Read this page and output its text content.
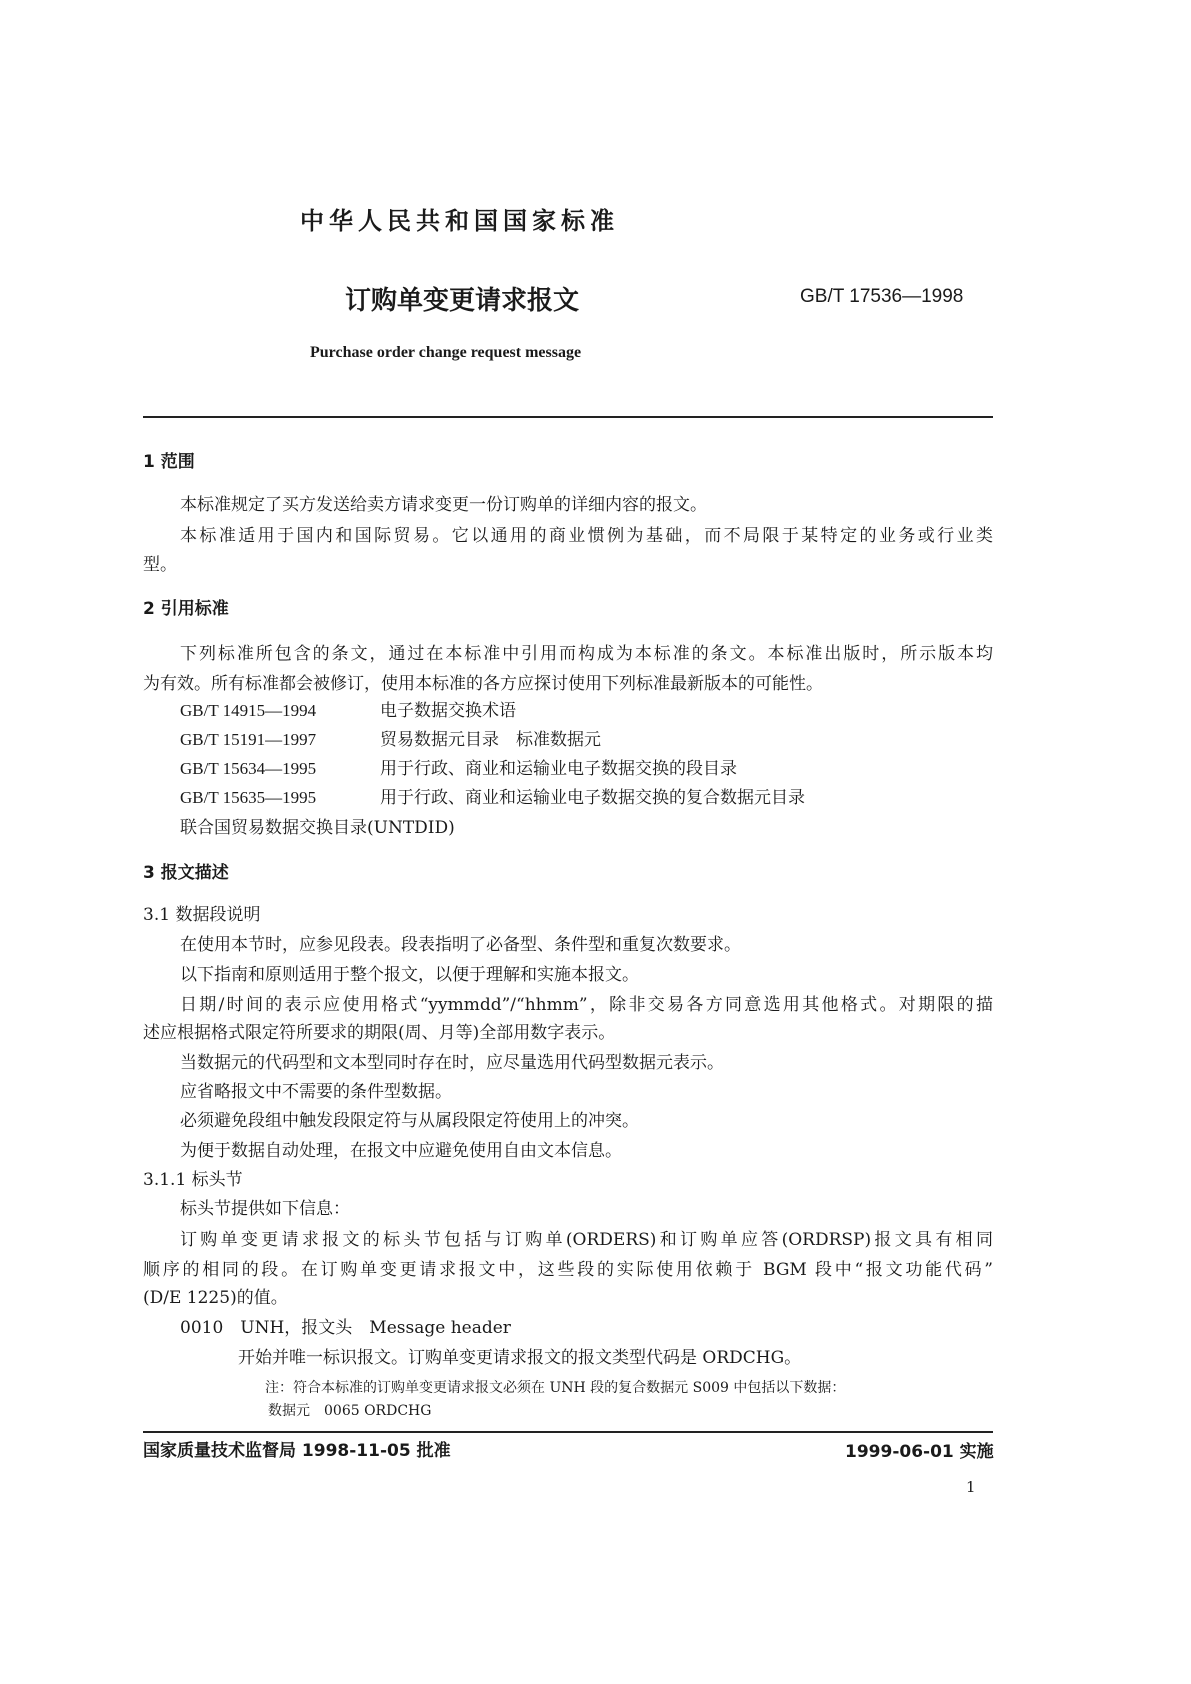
中华人民共和国国家标准
订购单变更请求报文	GB/T 17536—1998
Purchase order change request message
1 范围
本标准规定了买方发送给卖方请求变更一份订购单的详细内容的报文。
本标准适用于国内和国际贸易。它以通用的商业惯例为基础，而不局限于某特定的业务或行业类
型。
2 引用标准
下列标准所包含的条文，通过在本标准中引用而构成为本标准的条文。本标准出版时，所示版本均
为有效。所有标准都会被修订，使用本标准的各方应探讨使用下列标准最新版本的可能性。
GB/T 14915—1994	电子数据交换术语
GB/T 15191—1997	贸易数据元目录　标准数据元
GB/T 15634—1995	用于行政、商业和运输业电子数据交换的段目录
GB/T 15635—1995	用于行政、商业和运输业电子数据交换的复合数据元目录
联合国贸易数据交换目录(UNTDID)
3 报文描述
3.1 数据段说明
在使用本节时，应参见段表。段表指明了必备型、条件型和重复次数要求。
以下指南和原则适用于整个报文，以便于理解和实施本报文。
日期/时间的表示应使用格式“yymmdd”/“hhmm”，除非交易各方同意选用其他格式。对期限的描
述应根据格式限定符所要求的期限(周、月等)全部用数字表示。
当数据元的代码型和文本型同时存在时，应尽量选用代码型数据元表示。
应省略报文中不需要的条件型数据。
必须避免段组中触发段限定符与从属段限定符使用上的冲突。
为便于数据自动处理，在报文中应避免使用自由文本信息。
3.1.1 标头节
标头节提供如下信息：
订购单变更请求报文的标头节包括与订购单(ORDERS)和订购单应答(ORDRSP)报文具有相同
顺序的相同的段。在订购单变更请求报文中，这些段的实际使用依赖于 BGM 段中“报文功能代码”
(D/E 1225)的值。
0010　UNH，报文头　Message header
开始并唯一标识报文。订购单变更请求报文的报文类型代码是 ORDCHG。
注：符合本标准的订购单变更请求报文必须在 UNH 段的复合数据元 S009 中包括以下数据：
数据元　0065 ORDCHG
国家质量技术监督局 1998-11-05 批准	1999-06-01 实施
1
